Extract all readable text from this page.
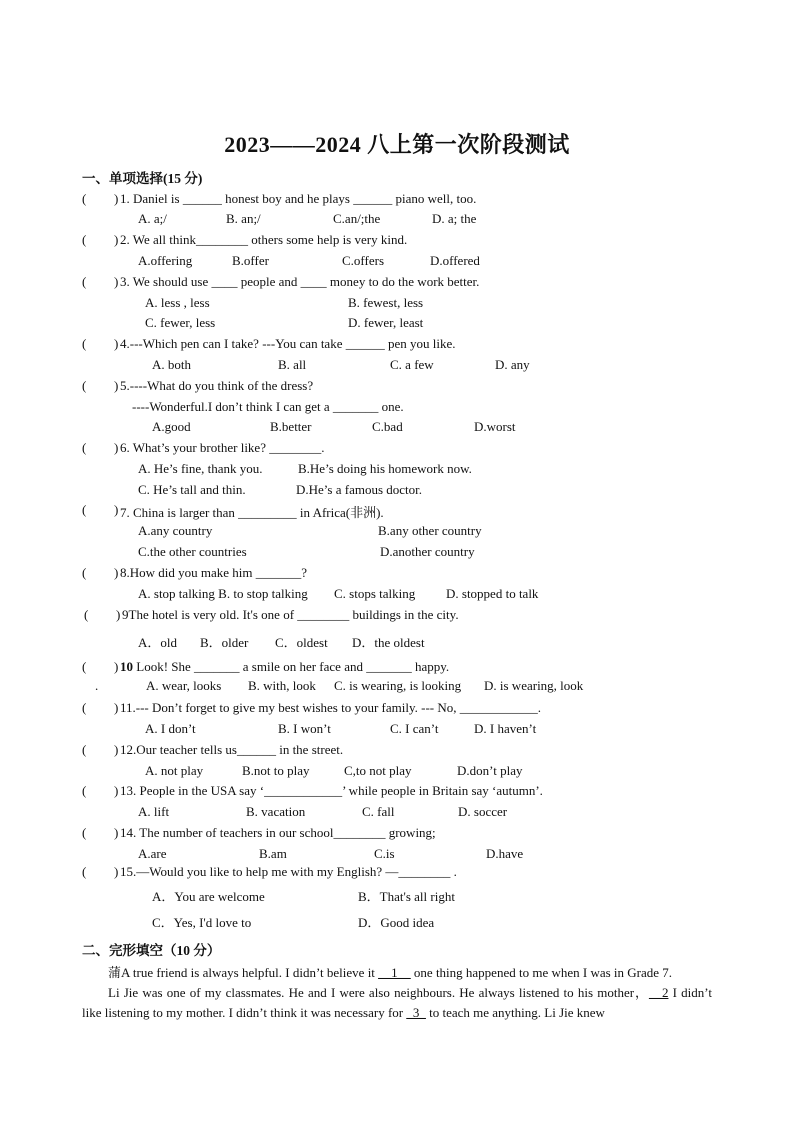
2023——2024 八上第一次阶段测试
一、单项选择(15 分)
( ) 1. Daniel is ______ honest boy and he plays ______ piano well, too.
A. a;/	B. an;/	C.an/;the	D. a; the
( ) 2. We all think________ others some help is very kind.
A.offering	B.offer	C.offers	D.offered
( ) 3. We should use ____ people and ____ money to do the work better.
A. less , less	B. fewest, less
C. fewer, less	D. fewer, least
( ) 4.---Which pen can I take? ---You can take ______ pen you like.
A. both	B. all	C. a few	D. any
( ) 5.----What do you think of the dress?
----Wonderful.I don’t think I can get a _______ one.
A.good	B.better	C.bad	D.worst
( ) 6. What’s your brother like? ________.
A. He’s fine, thank you.	B.He’s doing his homework now.
C. He’s tall and thin.	D.He’s a famous doctor.
( ) 7. China is larger than _________ in Africa(非洲).
A.any country	B.any other country
C.the other countries	D.another country
( ) 8.How did you make him _______?
A. stop talking B. to stop talking C. stops talking D. stopped to talk
( ) 9The hotel is very old. It's one of ________ buildings in the city.
A．old B．older C．oldest D．the oldest
( ) 10 Look! She _______ a smile on her face and _______ happy.
.	A. wear, looks B. with, look C. is wearing, is looking D. is wearing, look
( ) 11.--- Don’t forget to give my best wishes to your family. --- No, ____________.
A. I don’t	B. I won’t	C. I can’t	D. I haven’t
( ) 12.Our teacher tells us______ in the street.
A. not play	B.not to play	C,to not play	D.don’t play
( ) 13. People in the USA say ‘____________’ while people in Britain say ‘autumn’.
A. lift	B. vacation	C. fall	D. soccer
( ) 14. The number of teachers in our school________ growing;
A.are	B.am	C.is	D.have
( ) 15.—Would you like to help me with my English? —________ .
A．You are welcome	B．That's all right
C．Yes, I'd love to	D．Good idea
二、完形填空（10 分）

蒲A true friend is always helpful. I didn’t believe it __1__ one thing happened to me when I was in Grade 7.

Li Jie was one of my classmates. He and I were also neighbours. He always listened to his mother，__2 I didn’t like listening to my mother. I didn’t think it was necessary for _3_ to teach me anything. Li Jie knew
